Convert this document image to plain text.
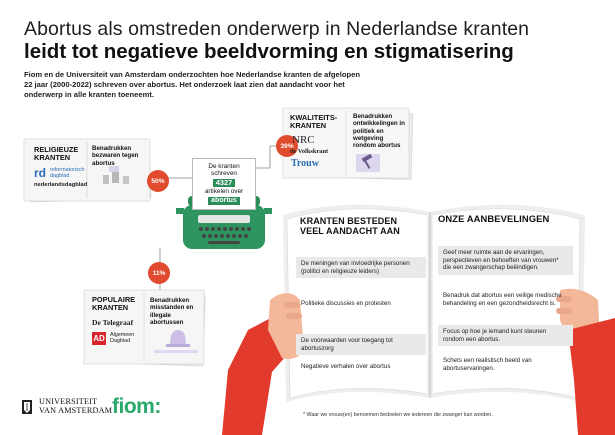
Abortus als omstreden onderwerp in Nederlandse kranten
leidt tot negatieve beeldvorming en stigmatisering
Fiom en de Universiteit van Amsterdam onderzochten hoe Nederlandse kranten de afgelopen 22 jaar (2000-2022) schreven over abortus. Het onderzoek laat zien dat aandacht voor het onderwerp in alle kranten toeneemt.
50%
39%
11%
RELIGIEUZE
KRANTEN
rd reformatorisch dagblad
nederlandsdagblad
Benadrukken bezwaren tegen abortus
KWALITEITS-
KRANTEN
NRC
de Volkskrant
Trouw
Benadrukken ontwikkelingen in politiek en wetgeving rondom abortus
POPULAIRE
KRANTEN
De Telegraaf
AD Algemeen Dagblad
Benadrukken misstanden en illegale abortussen
De kranten
schreven
4327
artikelen over
abortus
KRANTEN BESTEDEN
VEEL AANDACHT AAN
De meningen van invloedrijke personen (politici en religieuze leiders)
Politieke discussies en protesten
De voorwaarden voor toegang tot abortuszorg
Negatieve verhalen over abortus
ONZE AANBEVELINGEN
Geef meer ruimte aan de ervaringen, perspectieven en behoeften van vrouwen* die een zwangerschap beëindigen.
Benadruk dat abortus een veilige medische behandeling en een gezondheidsrecht is.
Focus op hoe je iemand kunt steunen rondom een abortus.
Schets een realistisch beeld van abortuservaringen.
* Waar we vrouw(en) benoemen bedoelen we iedereen die zwanger kan worden.
UNIVERSITEIT
VAN AMSTERDAM fiom:
